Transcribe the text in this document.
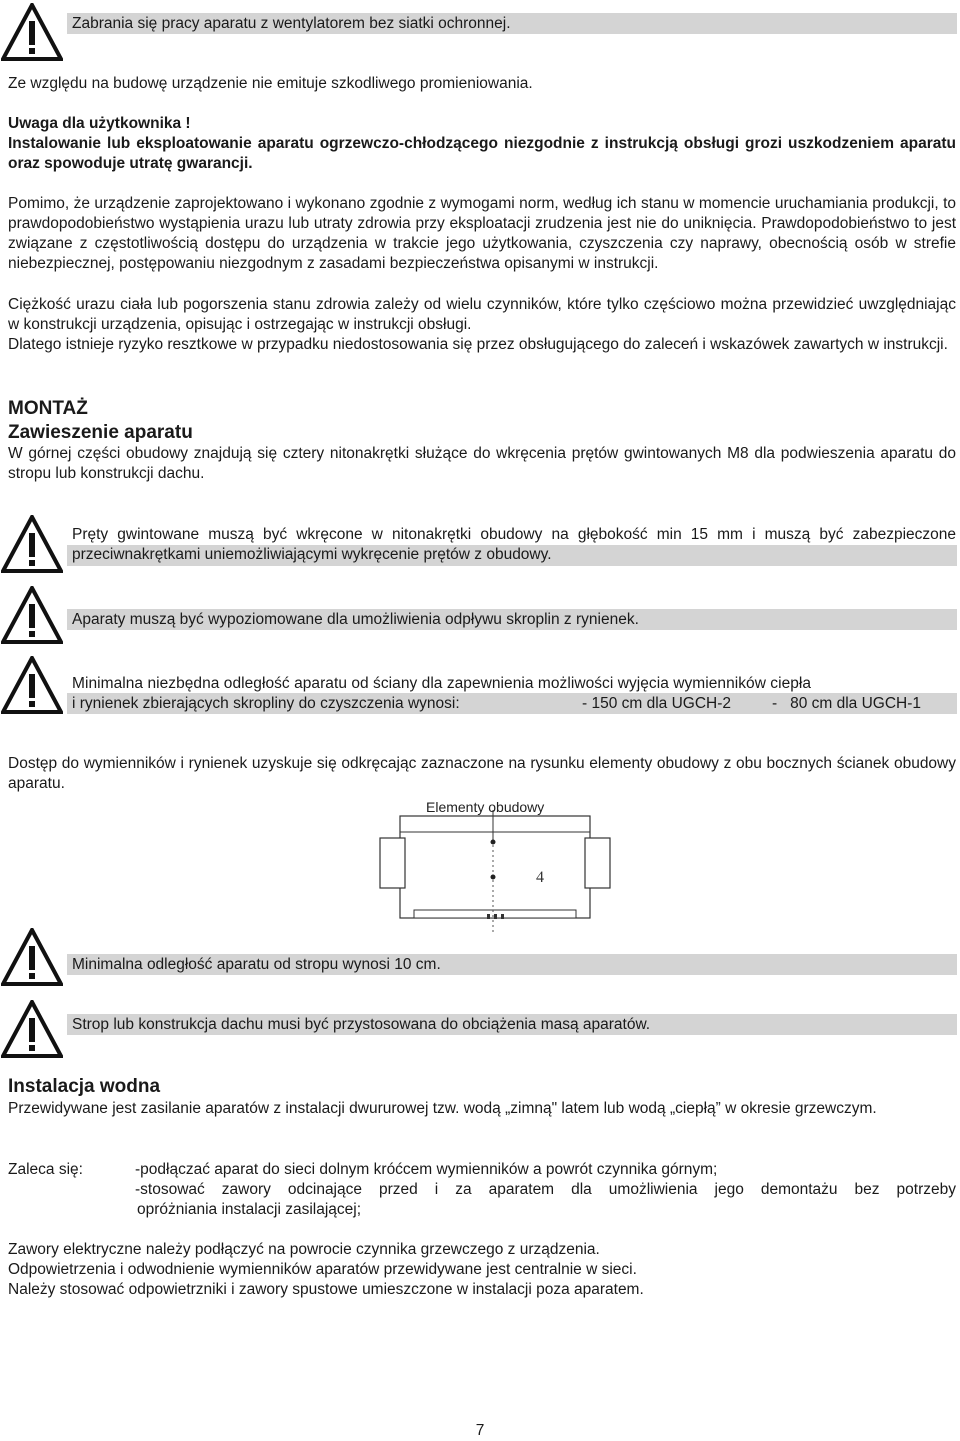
Zabrania się pracy aparatu z wentylatorem bez siatki ochronnej.
Ze względu na budowę urządzenie nie emituje szkodliwego promieniowania.
Uwaga dla użytkownika !
Instalowanie lub eksploatowanie aparatu ogrzewczo-chłodzącego niezgodnie z instrukcją obsługi grozi uszkodzeniem aparatu oraz spowoduje utratę gwarancji.
Pomimo, że urządzenie zaprojektowano i wykonano zgodnie z wymogami norm, według ich stanu w momencie uruchamiania produkcji, to prawdopodobieństwo wystąpienia urazu lub utraty zdrowia przy eksploatacji zrudzenia jest nie do uniknięcia. Prawdopodobieństwo to jest związane z częstotliwością dostępu do urządzenia w trakcie jego użytkowania, czyszczenia czy naprawy, obecnością osób w strefie niebezpiecznej, postępowaniu niezgodnym z zasadami bezpieczeństwa opisanymi w instrukcji.
Ciężkość urazu ciała lub pogorszenia stanu zdrowia zależy od wielu czynników, które tylko częściowo można przewidzieć uwzględniając w konstrukcji urządzenia, opisując i ostrzegając w instrukcji obsługi.
Dlatego istnieje ryzyko resztkowe w przypadku niedostosowania się przez obsługującego do zaleceń i wskazówek zawartych w instrukcji.
MONTAŻ
Zawieszenie aparatu
W górnej części obudowy znajdują się cztery nitonakrętki służące do wkręcenia prętów gwintowanych M8 dla podwieszenia aparatu do stropu lub konstrukcji dachu.
Pręty gwintowane muszą być wkręcone w nitonakrętki obudowy na głębokość min 15 mm i muszą być zabezpieczone przeciwnakrętkami uniemożliwiającymi wykręcenie prętów z obudowy.
Aparaty muszą być wypoziomowane dla umożliwienia odpływu skroplin z rynienek.
Minimalna niezbędna odległość aparatu od ściany dla zapewnienia możliwości wyjęcia wymienników ciepła
i rynienek zbierających skropliny do czyszczenia wynosi:	- 150 cm dla UGCH-2	-   80 cm dla UGCH-1
Dostęp do wymienników i rynienek uzyskuje się odkręcając zaznaczone na rysunku elementy obudowy z obu bocznych ścianek obudowy aparatu.
Elementy obudowy
4
Minimalna odległość aparatu od stropu wynosi 10 cm.
Strop lub konstrukcja dachu musi być przystosowana do obciążenia masą aparatów.
Instalacja wodna
Przewidywane jest zasilanie aparatów z instalacji dwururowej tzw. wodą „zimną" latem lub wodą „ciepłą” w okresie grzewczym.
Zaleca się:	-podłączać aparat do sieci dolnym króćcem wymienników a powrót czynnika górnym;
-stosować zawory odcinające przed i za aparatem dla umożliwienia jego demontażu bez potrzeby
opróżniania instalacji zasilającej;
Zawory elektryczne należy podłączyć na powrocie czynnika grzewczego z urządzenia.
Odpowietrzenia i odwodnienie wymienników aparatów przewidywane jest centralnie w sieci.
Należy stosować odpowietrzniki i zawory spustowe umieszczone w instalacji poza aparatem.
7
